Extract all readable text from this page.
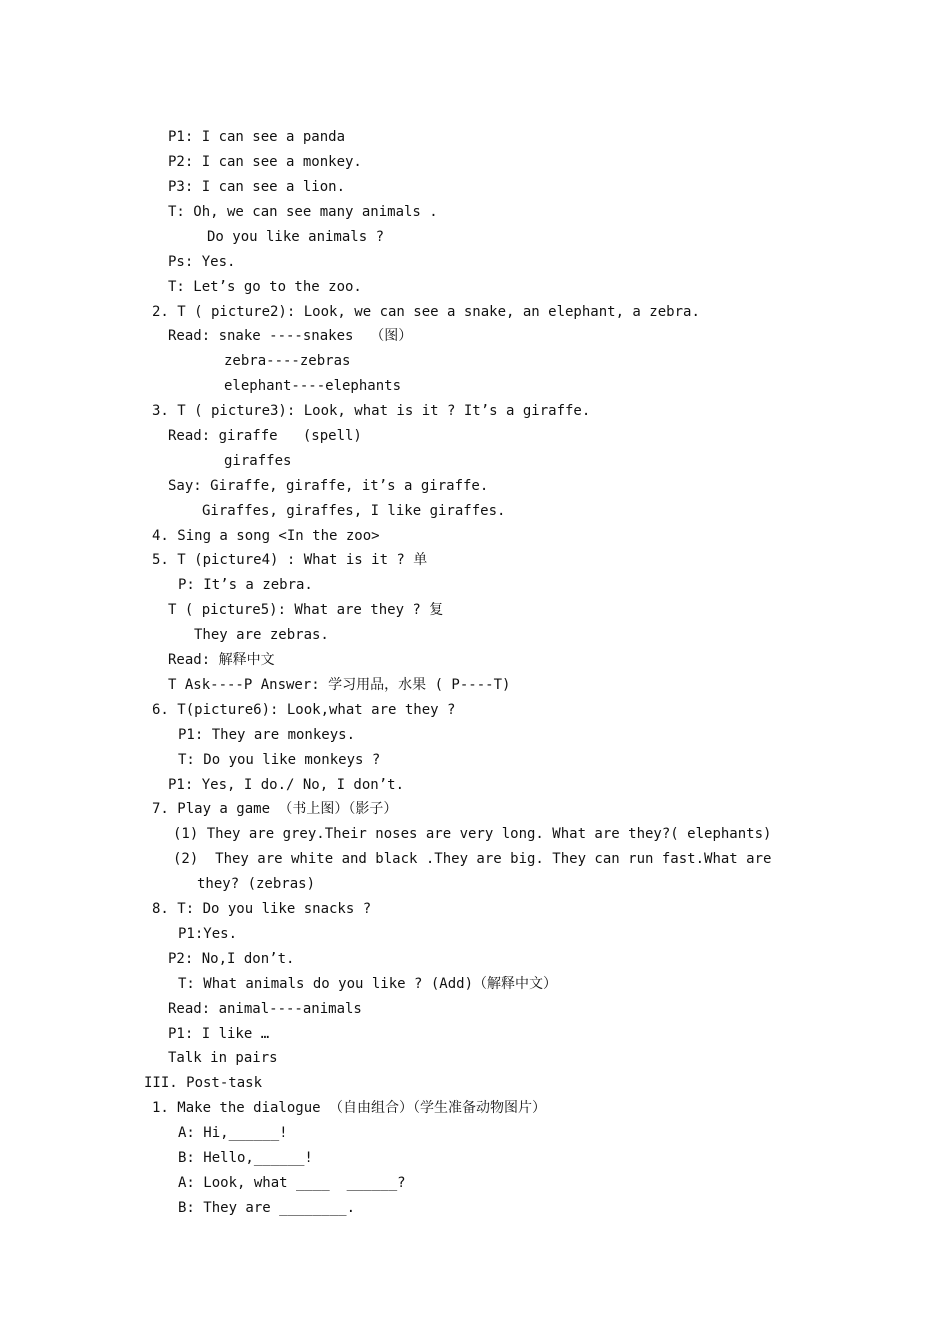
P1: I can see a panda
P2: I can see a monkey.
P3: I can see a lion.
T: Oh, we can see many animals .
Do you like animals ?
Ps: Yes.
T: Let’s go to the zoo.
2. T ( picture2): Look, we can see a snake, an elephant, a zebra.
Read: snake ----snakes  （图）
zebra----zebras
elephant----elephants
3. T ( picture3): Look, what is it ? It’s a giraffe.
Read: giraffe   (spell)
giraffes
Say: Giraffe, giraffe, it’s a giraffe.
Giraffes, giraffes, I like giraffes.
4. Sing a song <In the zoo>
5. T (picture4) : What is it ? 单
P: It’s a zebra.
T ( picture5): What are they ? 复
They are zebras.
Read: 解释中文
T Ask----P Answer: 学习用品，水果 ( P----T)
6. T(picture6): Look,what are they ?
P1: They are monkeys.
T: Do you like monkeys ?
P1: Yes, I do./ No, I don’t.
7. Play a game （书上图）（影子）
(1) They are grey.Their noses are very long. What are they?( elephants)
(2)  They are white and black .They are big. They can run fast.What are
they? (zebras)
8. T: Do you like snacks ?
P1:Yes.
P2: No,I don’t.
T: What animals do you like ? (Add)（解释中文）
Read: animal----animals
P1: I like …
Talk in pairs
III. Post-task
1. Make the dialogue （自由组合）（学生准备动物图片）
A: Hi,______!
B: Hello,______!
A: Look, what ____  ______?
B: They are ________.
